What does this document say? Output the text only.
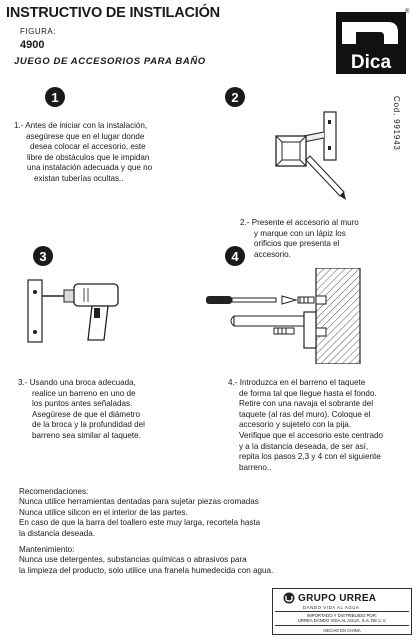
INSTRUCTIVO DE INSTILACIÓN
FIGURA:
4900
JUEGO DE ACCESORIOS PARA BAÑO	Dica
®
Cod. 991943
1	2
3	4
1.- Antes de iniciar con la instalación,
asegúrese que en el lugar donde
desea colocar el accesorio, este
libre de obstáculos que le impidan
una instalación adecuada y que no
existan tuberías ocultas..
2.- Presente el accesorio al muro
y marque con un lápiz los
orificios que presenta el
accesorio.
3.- Usando una broca adecuada,
realice un barreno en uno de
los puntos antes señaladas.
Asegúrese de que el diámetro
de la broca y la profundidad del
barreno sea similar al taquete.
4.- Introduzca en el barreno el taquete
de forma tal que llegue hasta el fondo.
Retire con una navaja el sobrante del
taquete (al ras del muro). Coloque el
accesorio y sujetelo con la pija.
Verifique que el accesorio este centrado
y a la distancia deseada, de ser así,
repita los pasos 2,3 y 4 con el siguiente
barreno..
Recomendaciones:
Nunca utilice herramientas dentadas para sujetar piezas cromadas
Nunca utilice silicon en el interior de las partes.
En caso de que la barra del toallero este muy larga, recortela hasta
la distancia deseada.
Mantenimiento:
Nunca use detergentes, substancias químicas o abrasivos para
la limpieza del producto, solo utilice una franela humedecida con agua.
GRUPO URREA
DANDO VIDA AL AGUA
IMPORTADO Y DISTRIBUIDO POR:
URREA DANDO VIDA AL AGUA, S.A. DE C.V.
HECHO EN CHINA
